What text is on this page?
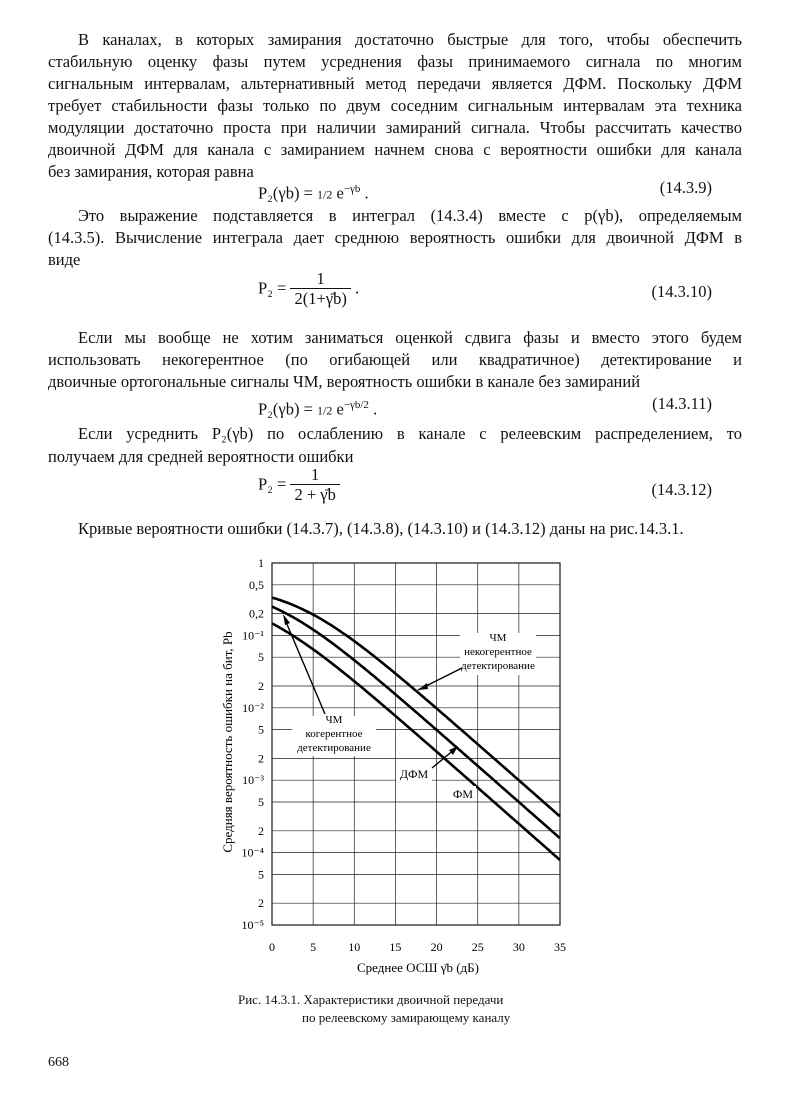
В каналах, в которых замирания достаточно быстрые для того, чтобы обеспечить
стабильную оценку фазы путем усреднения фазы принимаемого сигнала по многим
сигнальным интервалам, альтернативный метод передачи является ДФМ. Поскольку ДФМ
требует стабильности фазы только по двум соседним сигнальным интервалам эта техника
модуляции достаточно проста при наличии замираний сигнала. Чтобы рассчитать качество
двоичной ДФМ для канала с замиранием начнем снова с вероятности ошибки для канала
без замирания, которая равна
P₂(γb) = 1/2 $e^{-\gamma b}$ .	(14.3.9)
Это выражение подставляется в интеграл (14.3.4) вместе с p(γb), определяемым
(14.3.5). Вычисление интеграла дает среднюю вероятность ошибки для двоичной ДФМ в
виде
$P_2 = \frac{1}{2(1+\gammāb)}$ .	(14.3.10)
Если мы вообще не хотим заниматься оценкой сдвига фазы и вместо этого будем
использовать некогерентное (по огибающей или квадратичное) детектирование и
двоичные ортогональные сигналы ЧМ, вероятность ошибки в канале без замираний
P₂(γb) = 1/2 $e^{-\gamma b/2}$ .	(14.3.11)
Если усреднить P₂(γb) по ослаблению в канале с релеевским распределением, то
получаем для средней вероятности ошибки
$P_2 = \frac{1}{2 + \gammāb}$	(14.3.12)
Кривые вероятности ошибки (14.3.7), (14.3.8), (14.3.10) и (14.3.12) даны на рис.14.3.1.
1
0,5
0,2
10⁻¹
5
2
10⁻²
5
2
10⁻³
5
2
10⁻⁴
5
2
10⁻⁵
0	5	10 15 20 25 30 35
Средняя вероятность ошибки на бит, Pb
Среднее ОСШ γ̄b (дБ)
ЧМ
некогерентное
детектирование
ЧМ
когерентное
детектирование
ДФМ
ФМ
Рис. 14.3.1. Характеристики двоичной передачи
по релеевскому замирающему каналу
668
